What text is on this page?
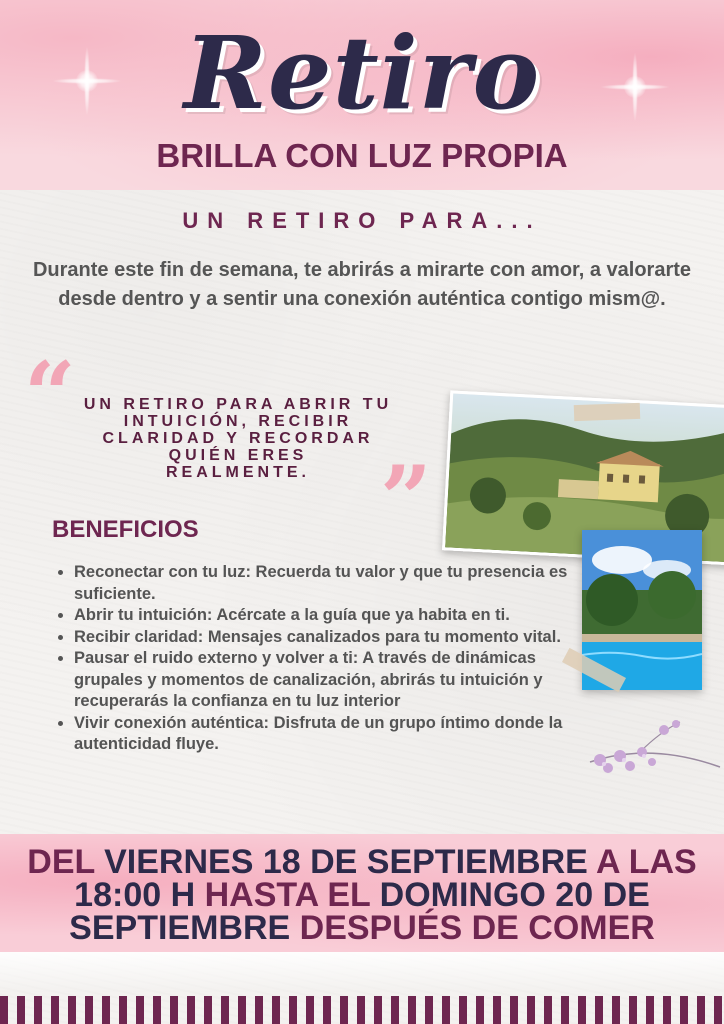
Retiro
BRILLA CON LUZ PROPIA
UN RETIRO PARA...
Durante este fin de semana, te abrirás a mirarte con amor, a valorarte desde dentro y a sentir una conexión auténtica contigo mism@.
“
”
UN RETIRO PARA ABRIR TU
INTUICIÓN, RECIBIR
CLARIDAD Y RECORDAR
QUIÉN ERES
REALMENTE.
BENEFICIOS
• Reconectar con tu luz: Recuerda tu valor y que tu presencia es suficiente.
• Abrir tu intuición: Acércate a la guía que ya habita en ti.
• Recibir claridad: Mensajes canalizados para tu momento vital.
• Pausar el ruido externo y volver a ti: A través de dinámicas grupales y momentos de canalización, abrirás tu intuición y recuperarás la confianza en tu luz interior
• Vivir conexión auténtica: Disfruta de un grupo íntimo donde la autenticidad fluye.
DEL VIERNES 18 DE SEPTIEMBRE A LAS 18:00 H HASTA EL DOMINGO 20 DE SEPTIEMBRE DESPUÉS DE COMER
